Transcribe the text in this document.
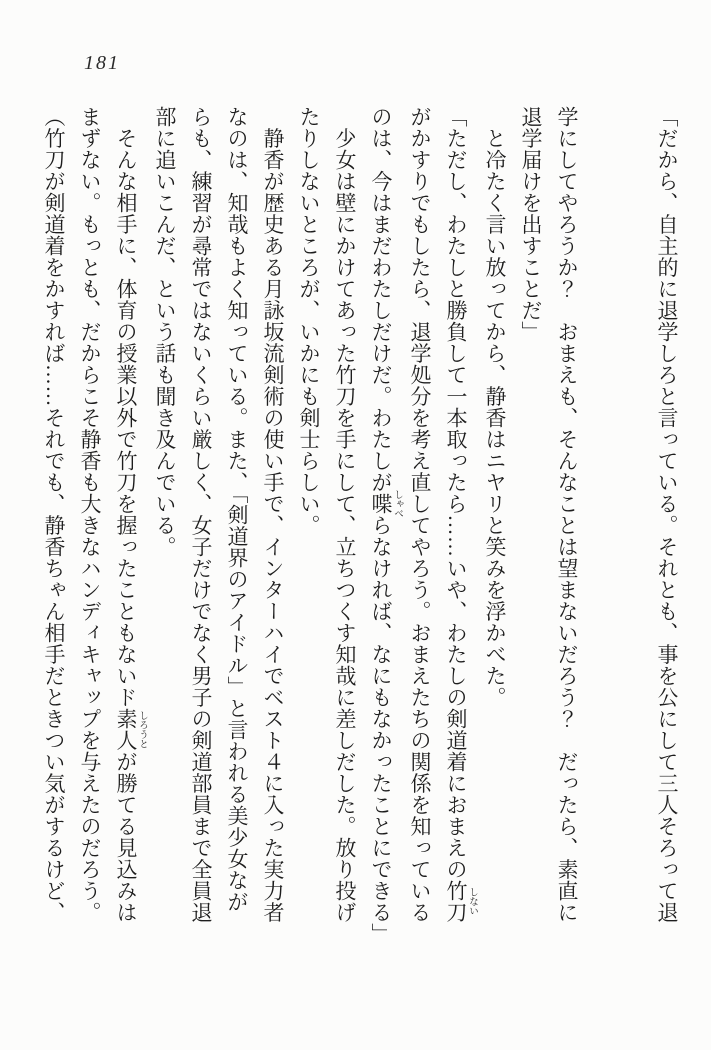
181

「だから、自主的に退学しろと言っている。それとも、事を公にして三人そろって退

学にしてやろうか？　おまえも、そんなことは望まないだろう？　だったら、素直に

退学届けを出すことだ」

　と冷たく言い放ってから、静香はニヤリと笑みを浮かべた。

「ただし、わたしと勝負して一本取ったら……いや、わたしの剣道着におまえの竹刀 しない

がかすりでもしたら、退学処分を考え直してやろう。おまえたちの関係を知っている

のは、今はまだわたしだけだ。わたしが喋 しゃべらなければ、なにもなかったことにできる」

　少女は壁にかけてあった竹刀を手にして、立ちつくす知哉に差しだした。放り投げ

たりしないところが、いかにも剣士らしい。

　静香が歴史ある月詠坂流剣術の使い手で、インターハイでベスト４に入った実力者

なのは、知哉もよく知っている。また、「剣道界のアイドル」と言われる美少女なが

らも、練習が尋常ではないくらい厳しく、女子だけでなく男子の剣道部員まで全員退

部に追いこんだ、という話も聞き及んでいる。

　そんな相手に、体育の授業以外で竹刀を握ったこともないド素人 しろうとが勝てる見込みは

まずない。もっとも、だからこそ静香も大きなハンディキャップを与えたのだろう。

（竹刀が剣道着をかすれば……それでも、静香ちゃん相手だときつい気がするけど、
